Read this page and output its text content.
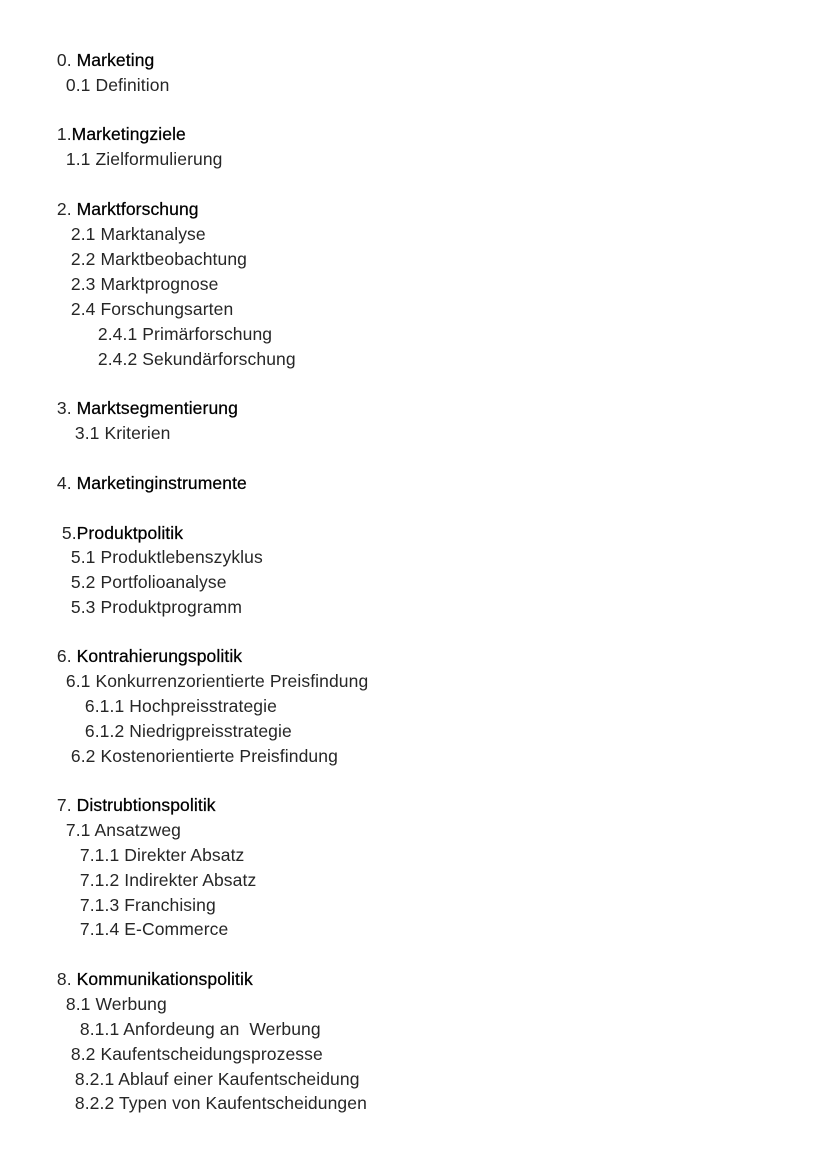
0. Marketing

0.1 Definition

1.Marketingziele

1.1 Zielformulierung

2. Marktforschung

2.1 Marktanalyse

2.2 Marktbeobachtung

2.3 Marktprognose

2.4 Forschungsarten

2.4.1 Primärforschung

2.4.2 Sekundärforschung

3. Marktsegmentierung

3.1 Kriterien

4. Marketinginstrumente

5.Produktpolitik

5.1 Produktlebenszyklus

5.2 Portfolioanalyse

5.3 Produktprogramm

6. Kontrahierungspolitik

6.1 Konkurrenzorientierte Preisfindung

6.1.1 Hochpreisstrategie

6.1.2 Niedrigpreisstrategie

6.2 Kostenorientierte Preisfindung

7. Distrubtionspolitik

7.1 Ansatzweg

7.1.1 Direkter Absatz

7.1.2 Indirekter Absatz

7.1.3 Franchising

7.1.4 E-Commerce

8. Kommunikationspolitik

8.1 Werbung

8.1.1 Anfordeung an  Werbung

8.2 Kaufentscheidungsprozesse

8.2.1 Ablauf einer Kaufentscheidung

8.2.2 Typen von Kaufentscheidungen
